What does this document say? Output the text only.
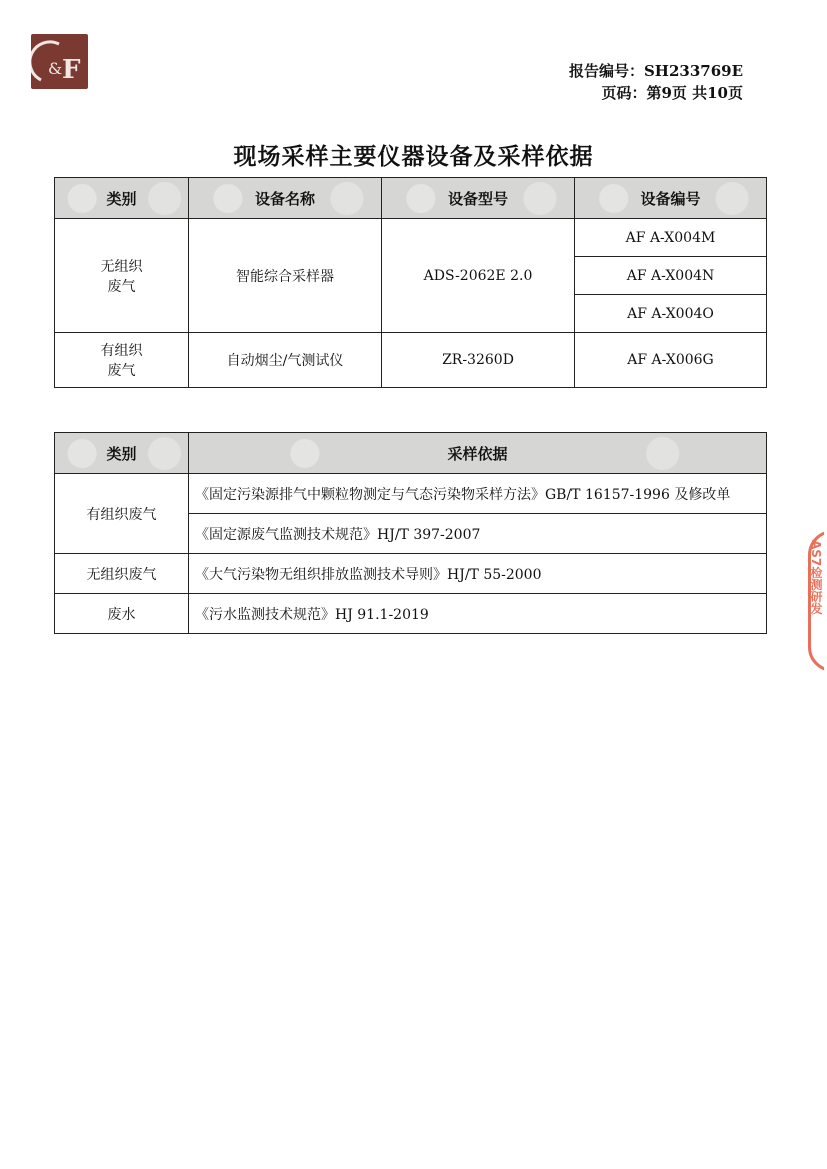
& F	报告编号：SH233769E
页码：第9页 共10页
现场采样主要仪器设备及采样依据
类别	设备名称	设备型号	设备编号

无组织
废气	智能综合采样器	ADS-2062E 2.0	AF A-X004M
			AF A-X004N
			AF A-X004O

有组织
废气	自动烟尘/气测试仪	ZR-3260D	AF A-X006G
类别	采样依据
有组织废气	《固定污染源排气中颗粒物测定与气态污染物采样方法》GB/T 16157-1996 及修改单
	《固定源废气监测技术规范》HJ/T 397-2007
无组织废气	《大气污染物无组织排放监测技术导则》HJ/T 55-2000
废水	《污水监测技术规范》HJ 91.1-2019
AS7检测研发
